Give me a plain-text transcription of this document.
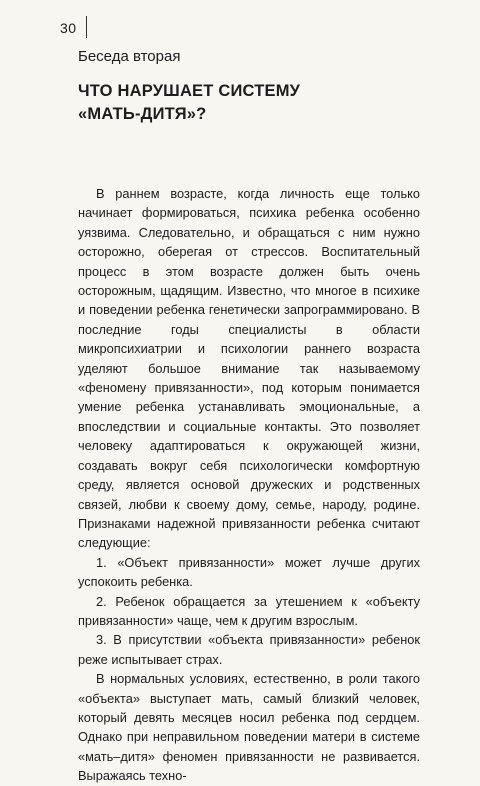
30
Беседа вторая
ЧТО НАРУШАЕТ СИСТЕМУ
«МАТЬ-ДИТЯ»?

В раннем возрасте, когда личность еще только начинает формироваться, психика ребенка особенно уязвима. Следовательно, и обращаться с ним нужно осторожно, оберегая от стрессов. Воспитательный процесс в этом возрасте должен быть очень осторожным, щадящим. Известно, что многое в психике и поведении ребенка генетически запрограммировано. В последние годы специалисты в области микропсихиатрии и психологии раннего возраста уделяют большое внимание так называемому «феномену привязанности», под которым понимается умение ребенка устанавливать эмоциональные, а впоследствии и социальные контакты. Это позволяет человеку адаптироваться к окружающей жизни, создавать вокруг себя психологически комфортную среду, является основой дружеских и родственных связей, любви к своему дому, семье, народу, родине. Признаками надежной привязанности ребенка считают следующие:

1. «Объект привязанности» может лучше других успокоить ребенка.

2. Ребенок обращается за утешением к «объекту привязанности» чаще, чем к другим взрослым.

3. В присутствии «объекта привязанности» ребенок реже испытывает страх.

В нормальных условиях, естественно, в роли такого «объекта» выступает мать, самый близкий человек, который девять месяцев носил ребенка под сердцем. Однако при неправильном поведении матери в системе «мать–дитя» феномен привязанности не развивается. Выражаясь техно-
